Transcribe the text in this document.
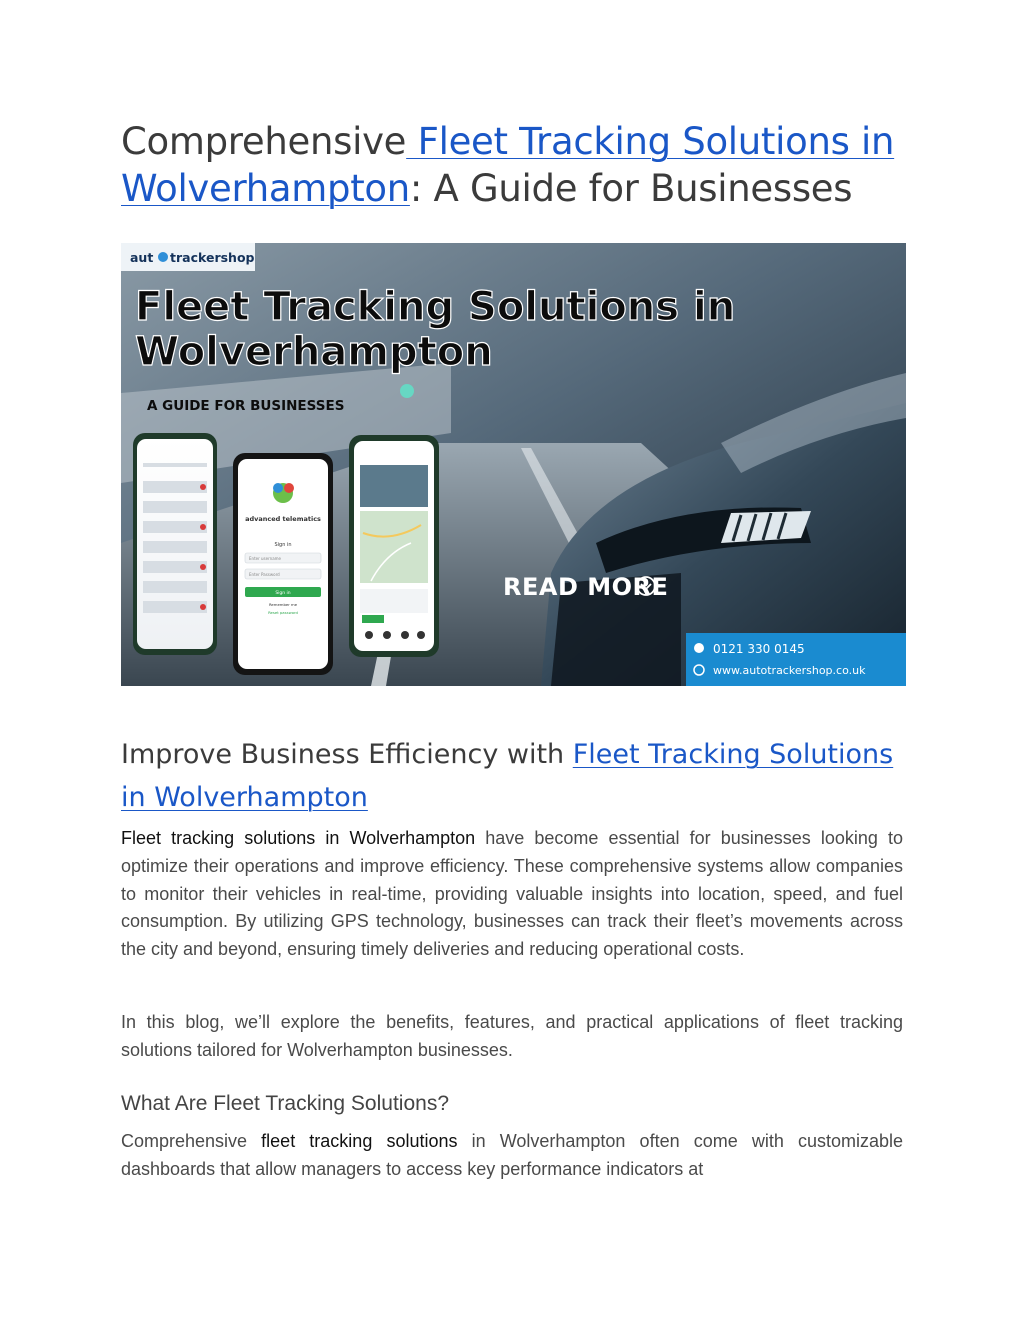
Comprehensive Fleet Tracking Solutions in Wolverhampton: A Guide for Businesses
aut trackershop
Fleet Tracking Solutions in
Wolverhampton
A GUIDE FOR BUSINESSES
advanced telematics
Sign in
Enter username
Enter Password
Sign in
Remember me
Reset password
READ MORE
0121 330 0145
www.autotrackershop.co.uk
Improve Business Efficiency with Fleet Tracking Solutions in Wolverhampton

Fleet tracking solutions in Wolverhampton have become essential for businesses looking to optimize their operations and improve efficiency. These comprehensive systems allow companies to monitor their vehicles in real-time, providing valuable insights into location, speed, and fuel consumption. By utilizing GPS technology, businesses can track their fleet’s movements across the city and beyond, ensuring timely deliveries and reducing operational costs.

In this blog, we’ll explore the benefits, features, and practical applications of fleet tracking solutions tailored for Wolverhampton businesses.

What Are Fleet Tracking Solutions?

Comprehensive fleet tracking solutions in Wolverhampton often come with customizable dashboards that allow managers to access key performance indicators at
